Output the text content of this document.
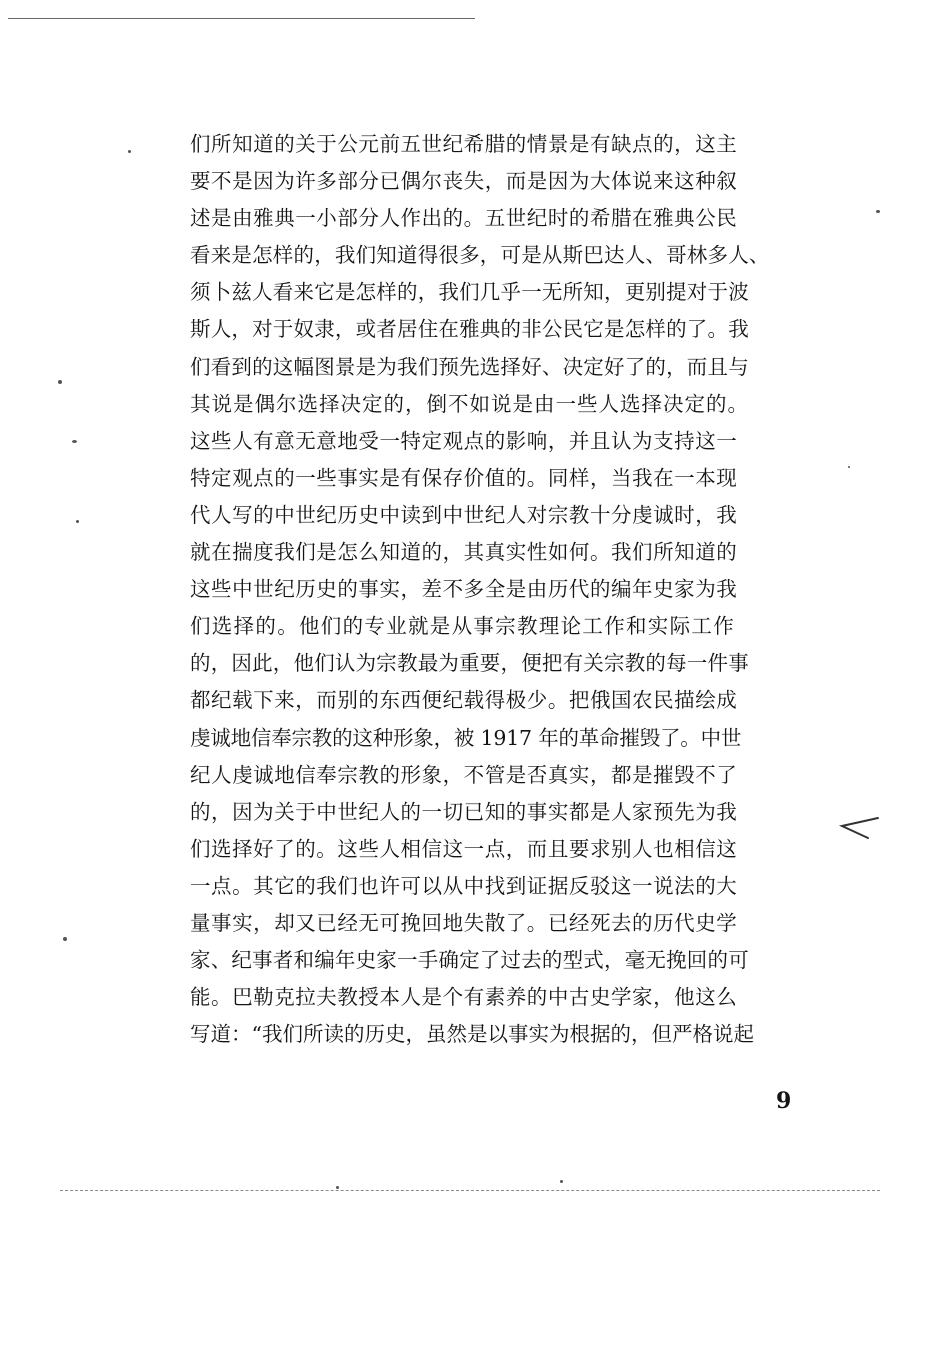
们所知道的关于公元前五世纪希腊的情景是有缺点的，这主
要不是因为许多部分已偶尔丧失，而是因为大体说来这种叙
述是由雅典一小部分人作出的。五世纪时的希腊在雅典公民
看来是怎样的，我们知道得很多，可是从斯巴达人、哥林多人、
须卜兹人看来它是怎样的，我们几乎一无所知，更别提对于波
斯人，对于奴隶，或者居住在雅典的非公民它是怎样的了。我
们看到的这幅图景是为我们预先选择好、决定好了的，而且与
其说是偶尔选择决定的，倒不如说是由一些人选择决定的。
这些人有意无意地受一特定观点的影响，并且认为支持这一
特定观点的一些事实是有保存价值的。同样，当我在一本现
代人写的中世纪历史中读到中世纪人对宗教十分虔诚时，我
就在揣度我们是怎么知道的，其真实性如何。我们所知道的
这些中世纪历史的事实，差不多全是由历代的编年史家为我
们选择的。他们的专业就是从事宗教理论工作和实际工作
的，因此，他们认为宗教最为重要，便把有关宗教的每一件事
都纪载下来，而别的东西便纪载得极少。把俄国农民描绘成
虔诚地信奉宗教的这种形象，被 1917 年的革命摧毁了。中世
纪人虔诚地信奉宗教的形象，不管是否真实，都是摧毁不了
的，因为关于中世纪人的一切已知的事实都是人家预先为我
们选择好了的。这些人相信这一点，而且要求别人也相信这
一点。其它的我们也许可以从中找到证据反驳这一说法的大
量事实，却又已经无可挽回地失散了。已经死去的历代史学
家、纪事者和编年史家一手确定了过去的型式，毫无挽回的可
能。巴勒克拉夫教授本人是个有素养的中古史学家，他这么
写道：“我们所读的历史，虽然是以事实为根据的，但严格说起
9
